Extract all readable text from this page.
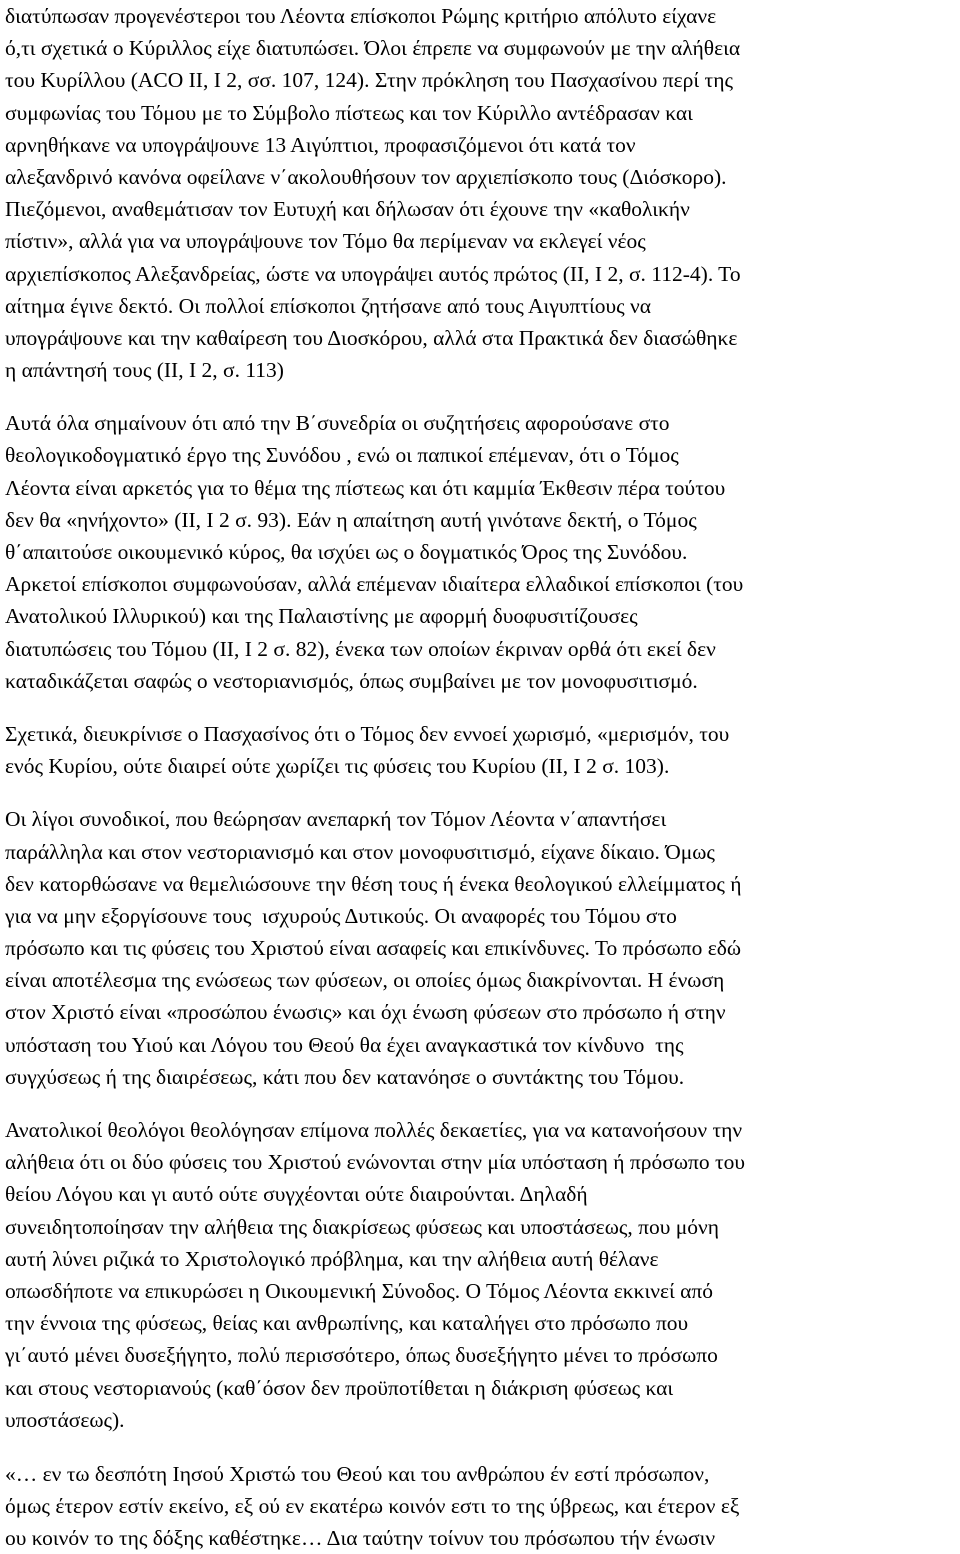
διατύπωσαν προγενέστεροι του Λέοντα επίσκοποι Ρώμης κριτήριο απόλυτο είχανε
ό,τι σχετικά ο Κύριλλος είχε διατυπώσει. Όλοι έπρεπε να συμφωνούν με την αλήθεια
του Κυρίλλου (ACO II, I 2, σσ. 107, 124). Στην πρόκληση του Πασχασίνου περί της
συμφωνίας του Τόμου με το Σύμβολο πίστεως και τον Κύριλλο αντέδρασαν και
αρνηθήκανε να υπογράψουνε 13 Αιγύπτιοι, προφασιζόμενοι ότι κατά τον
αλεξανδρινό κανόνα οφείλανε ν΄ακολουθήσουν τον αρχιεπίσκοπο τους (Διόσκορο).
Πιεζόμενοι, αναθεμάτισαν τον Ευτυχή και δήλωσαν ότι έχουνε την «καθολικήν
πίστιν», αλλά για να υπογράψουνε τον Τόμο θα περίμεναν να εκλεγεί νέος
αρχιεπίσκοπος Αλεξανδρείας, ώστε να υπογράψει αυτός πρώτος (II, I 2, σ. 112-4). Το
αίτημα έγινε δεκτό. Οι πολλοί επίσκοποι ζητήσανε από τους Αιγυπτίους να
υπογράψουνε και την καθαίρεση του Διοσκόρου, αλλά στα Πρακτικά δεν διασώθηκε
η απάντησή τους (II, I 2, σ. 113)
Αυτά όλα σημαίνουν ότι από την Β΄συνεδρία οι συζητήσεις αφορούσανε στο
θεολογικοδογματικό έργο της Συνόδου , ενώ οι παπικοί επέμεναν, ότι ο Τόμος
Λέοντα είναι αρκετός για το θέμα της πίστεως και ότι καμμία Έκθεσιν πέρα τούτου
δεν θα «ηνήχοντο» (II, I 2 σ. 93). Εάν η απαίτηση αυτή γινότανε δεκτή, ο Τόμος
θ΄απαιτούσε οικουμενικό κύρος, θα ισχύει ως ο δογματικός Όρος της Συνόδου.
Αρκετοί επίσκοποι συμφωνούσαν, αλλά επέμεναν ιδιαίτερα ελλαδικοί επίσκοποι (του
Ανατολικού Ιλλυρικού) και της Παλαιστίνης με αφορμή δυοφυσιτίζουσες
διατυπώσεις του Τόμου (II, I 2 σ. 82), ένεκα των οποίων έκριναν ορθά ότι εκεί δεν
καταδικάζεται σαφώς ο νεστοριανισμός, όπως συμβαίνει με τον μονοφυσιτισμό.
Σχετικά, διευκρίνισε ο Πασχασίνος ότι ο Τόμος δεν εννοεί χωρισμό, «μερισμόν, του
ενός Κυρίου, ούτε διαιρεί ούτε χωρίζει τις φύσεις του Κυρίου (II, I 2 σ. 103).
Οι λίγοι συνοδικοί, που θεώρησαν ανεπαρκή τον Τόμον Λέοντα ν΄απαντήσει
παράλληλα και στον νεστοριανισμό και στον μονοφυσιτισμό, είχανε δίκαιο. Όμως
δεν κατορθώσανε να θεμελιώσουνε την θέση τους ή ένεκα θεολογικού ελλείμματος ή
για να μην εξοργίσουνε τους  ισχυρούς Δυτικούς. Οι αναφορές του Τόμου στο
πρόσωπο και τις φύσεις του Χριστού είναι ασαφείς και επικίνδυνες. Το πρόσωπο εδώ
είναι αποτέλεσμα της ενώσεως των φύσεων, οι οποίες όμως διακρίνονται. Η ένωση
στον Χριστό είναι «προσώπου ένωσις» και όχι ένωση φύσεων στο πρόσωπο ή στην
υπόσταση του Υιού και Λόγου του Θεού θα έχει αναγκαστικά τον κίνδυνο  της
συγχύσεως ή της διαιρέσεως, κάτι που δεν κατανόησε ο συντάκτης του Τόμου.
Ανατολικοί θεολόγοι θεολόγησαν επίμονα πολλές δεκαετίες, για να κατανοήσουν την
αλήθεια ότι οι δύο φύσεις του Χριστού ενώνονται στην μία υπόσταση ή πρόσωπο του
θείου Λόγου και γι αυτό ούτε συγχέονται ούτε διαιρούνται. Δηλαδή
συνειδητοποίησαν την αλήθεια της διακρίσεως φύσεως και υποστάσεως, που μόνη
αυτή λύνει ριζικά το Χριστολογικό πρόβλημα, και την αλήθεια αυτή θέλανε
οπωσδήποτε να επικυρώσει η Οικουμενική Σύνοδος. Ο Τόμος Λέοντα εκκινεί από
την έννοια της φύσεως, θείας και ανθρωπίνης, και καταλήγει στο πρόσωπο που
γι΄αυτό μένει δυσεξήγητο, πολύ περισσότερο, όπως δυσεξήγητο μένει το πρόσωπο
και στους νεστοριανούς (καθ΄όσον δεν προϋποτίθεται η διάκριση φύσεως και
υποστάσεως).
«… εν τω δεσπότη Ιησού Χριστώ του Θεού και του ανθρώπου έν εστί πρόσωπον,
όμως έτερον εστίν εκείνο, εξ ού εν εκατέρω κοινόν εστι το της ύβρεως, και έτερον εξ
ου κοινόν το της δόξης καθέστηκε… Δια ταύτην τοίνυν του πρόσωπου τήν ένωσιν
